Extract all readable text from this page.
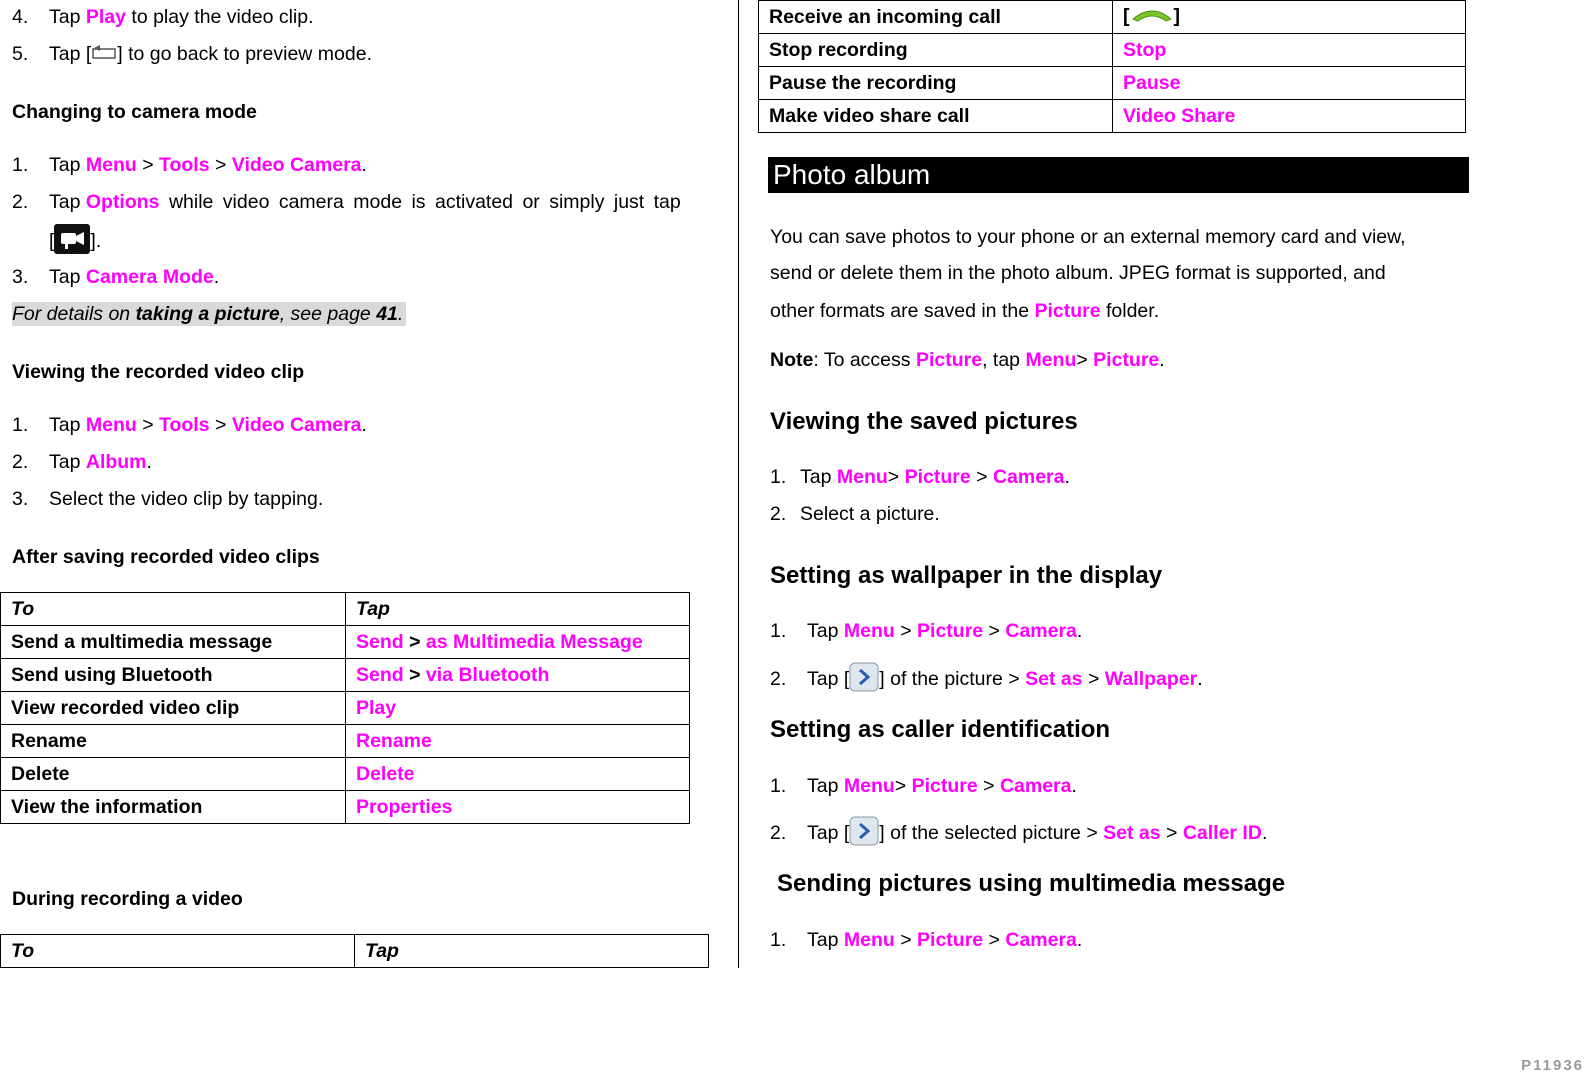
4. Tap Play to play the video clip.
5. Tap [ ] to go back to preview mode.
Changing to camera mode
1. Tap Menu > Tools > Video Camera.
2. Tap Options while video camera mode is activated or simply just tap
[ ].
Tap Camera Mode.
3.
For details on taking a picture, see page 41.
Viewing the recorded video clip
1. Tap Menu > Tools > Video Camera.
2. Tap Album.
3. Select the video clip by tapping.
After saving recorded video clips
To	Tap
Send a multimedia message	Send > as Multimedia Message
Send using Bluetooth	Send > via Bluetooth
View recorded video clip	Play
Rename	Rename
Delete	Delete
View the information	Properties
During recording a video
To	Tap
Receive an incoming call	[ ]
Stop recording	Stop
Pause the recording	Pause
Make video share call	Video Share
Photo album
You can save photos to your phone or an external memory card and view,
send or delete them in the photo album. JPEG format is supported, and
other formats are saved in the Picture folder.
Note: To access Picture, tap Menu> Picture.
Viewing the saved pictures
1. Tap Menu> Picture > Camera.
2. Select a picture.
Setting as wallpaper in the display
1. Tap Menu > Picture > Camera.
2. Tap [ ] of the picture > Set as > Wallpaper.
Setting as caller identification
1. Tap Menu> Picture > Camera.
2. Tap [ ] of the selected picture > Set as > Caller ID.
Sending pictures using multimedia message
1. Tap Menu > Picture > Camera.
P11936
